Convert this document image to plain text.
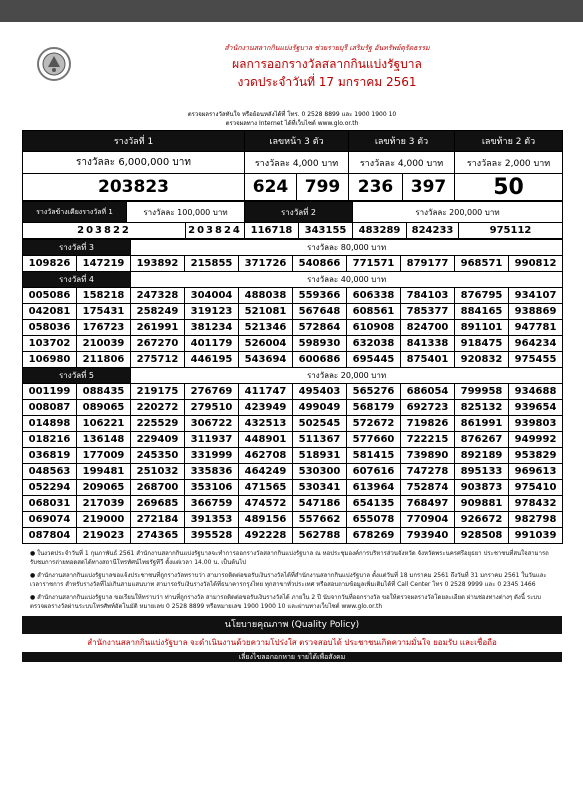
สำนักงานสลากกินแบ่งรัฐบาล ช่วยรายบุรี เสริมรัฐ อันทรัพย์ตุรัตธรรม
ผลการออกรางวัลสลากกินแบ่งรัฐบาล
งวดประจำวันที่ 17 มกราคม 2561
ตรวจผลรางวัลทันใจ หรือย้อนหลังได้ที่ โทร. 0 2528 8899 และ 1900 1900 10
ตรวจผลทาง Internet ได้ที่เว็บไซต์ www.glo.or.th
รางวัลที่ 1	เลขหน้า 3 ตัว		เลขท้าย 3 ตัว		เลขท้าย 2 ตัว
รางวัลละ 6,000,000 บาท	รางวัลละ 4,000 บาท		รางวัลละ 4,000 บาท		รางวัลละ 2,000 บาท
203823	624	799	236	397	50
รางวัลข้างเคียงรางวัลที่ 1	รางวัลละ 100,000 บาท		รางวัลที่ 2		รางวัลละ 200,000 บาท		
203822		203824	116718	343155	483289	824233	975112
รางวัลที่ 3		รางวัลละ 80,000 บาท							
109826	147219	193892	215855	371726	540866	771571	879177	968571	990812
รางวัลที่ 4		รางวัลละ 40,000 บาท							
005086	158218	247328	304004	488038	559366	606338	784103	876795	934107
042081	175431	258249	319123	521081	567648	608561	785377	884165	938869
058036	176723	261991	381234	521346	572864	610908	824700	891101	947781
103702	210039	267270	401179	526004	598930	632038	841338	918475	964234
106980	211806	275712	446195	543694	600686	695445	875401	920832	975455
รางวัลที่ 5		รางวัลละ 20,000 บาท							
001199	088435	219175	276769	411747	495403	565276	686054	799958	934688
008087	089065	220272	279510	423949	499049	568179	692723	825132	939654
014898	106221	225529	306722	432513	502545	572672	719826	861991	939803
018216	136148	229409	311937	448901	511367	577660	722215	876267	949992
036819	177009	245350	331999	462708	518931	581415	739890	892189	953829
048563	199481	251032	335836	464249	530300	607616	747278	895133	969613
052294	209065	268700	353106	471565	530341	613964	752874	903873	975410
068031	217039	269685	366759	474572	547186	654135	768497	909881	978432
069074	219000	272184	391353	489156	557662	655078	770904	926672	982798
087804	219023	274365	395528	492228	562788	678269	793940	928508	991039

● ในงวดประจำวันที่ 1 กุมภาพันธ์ 2561 สำนักงานสลากกินแบ่งรัฐบาลจะทำการออกรางวัลสลากกินแบ่งรัฐบาล ณ หอประชุมองค์การบริหารส่วนจังหวัด จังหวัดพระนครศรีอยุธยา ประชาชนที่สนใจสามารถรับชมการถ่ายทอดสดได้ทางสถานีโทรทัศน์ไทยรัฐทีวี ตั้งแต่เวลา 14.00 น. เป็นต้นไป

● สำนักงานสลากกินแบ่งรัฐบาลขอแจ้งประชาชนที่ถูกรางวัลทราบว่า สามารถติดต่อขอรับเงินรางวัลได้ที่สำนักงานสลากกินแบ่งรัฐบาล ตั้งแต่วันที่ 18 มกราคม 2561 ถึงวันที่ 31 มกราคม 2561 ในวันและเวลาราชการ สำหรับรางวัลที่ไม่เกินสามแสนบาท สามารถรับเงินรางวัลได้ที่ธนาคารกรุงไทย ทุกสาขาทั่วประเทศ หรือสอบถามข้อมูลเพิ่มเติมได้ที่ Call Center โทร 0 2528 9999 และ 0 2345 1466

● สำนักงานสลากกินแบ่งรัฐบาล ขอเรียนให้ทราบว่า ท่านที่ถูกรางวัล สามารถติดต่อขอรับเงินรางวัลได้ ภายใน 2 ปี นับจากวันที่ออกรางวัล ขอให้ตรวจผลรางวัลโดยละเอียด ผ่านช่องทางต่างๆ ดังนี้ ระบบตรวจผลรางวัลผ่านระบบโทรศัพท์อัตโนมัติ หมายเลข 0 2528 8899 หรือหมายเลข 1900 1900 10 และผ่านทางเว็บไซต์ www.glo.or.th

นโยบายคุณภาพ (Quality Policy)
สำนักงานสลากกินแบ่งรัฐบาล จะดำเนินงานด้วยความโปร่งใส ตรวจสอบได้ ประชาชนเกิดความมั่นใจ ยอมรับ และเชื่อถือ
เลี่ยงไขลอกอกหาย รายได้เพื่อสังคม
